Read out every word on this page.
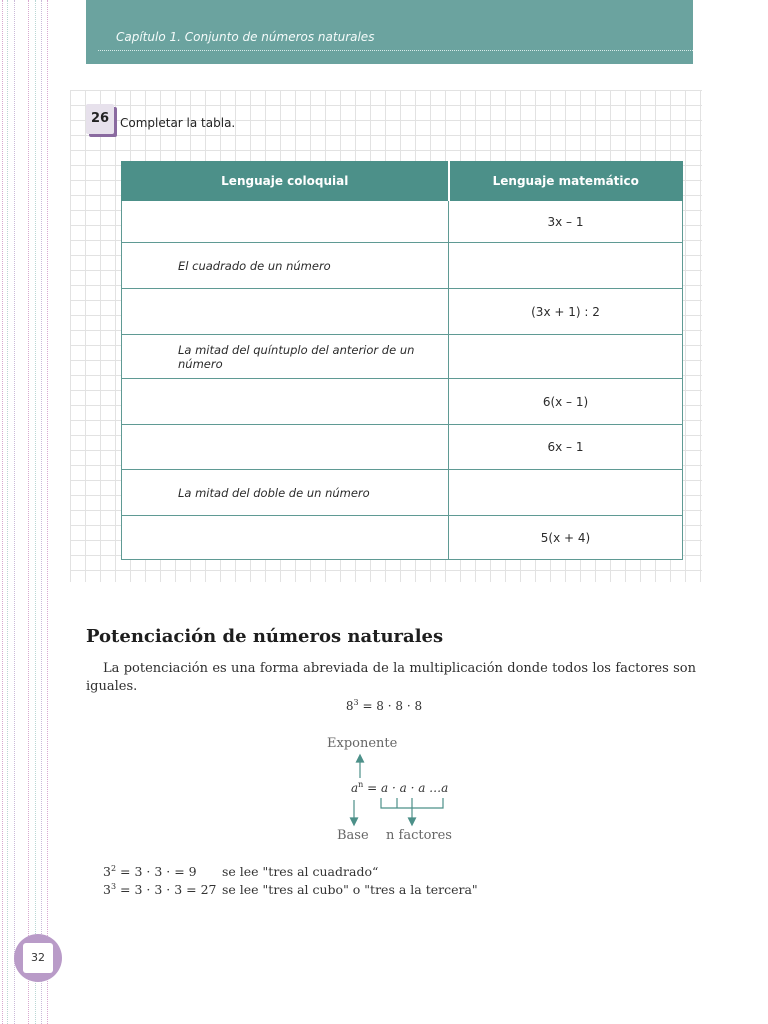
Capítulo 1. Conjunto de números naturales
26 Completar la tabla.
Lenguaje coloquial	Lenguaje matemático
	3x – 1
El cuadrado de un número	
	(3x + 1) : 2
La mitad del quíntuplo del anterior de un número	
	6(x – 1)
	6x – 1
La mitad del doble de un número	
	5(x + 4)
Potenciación de números naturales
La potenciación es una forma abreviada de la multiplicación donde todos los factores son iguales.
$8^3 = 8 \cdot 8 \cdot 8$
Exponente
$a^n = a \cdot a \cdot a$ …a
Base n factores
$3^2 = 3 \cdot 3$ · = 9 se lee "tres al cuadrado“
$3^3 = 3 \cdot 3 \cdot 3 = 27$ se lee "tres al cubo" o "tres a la tercera"
32
